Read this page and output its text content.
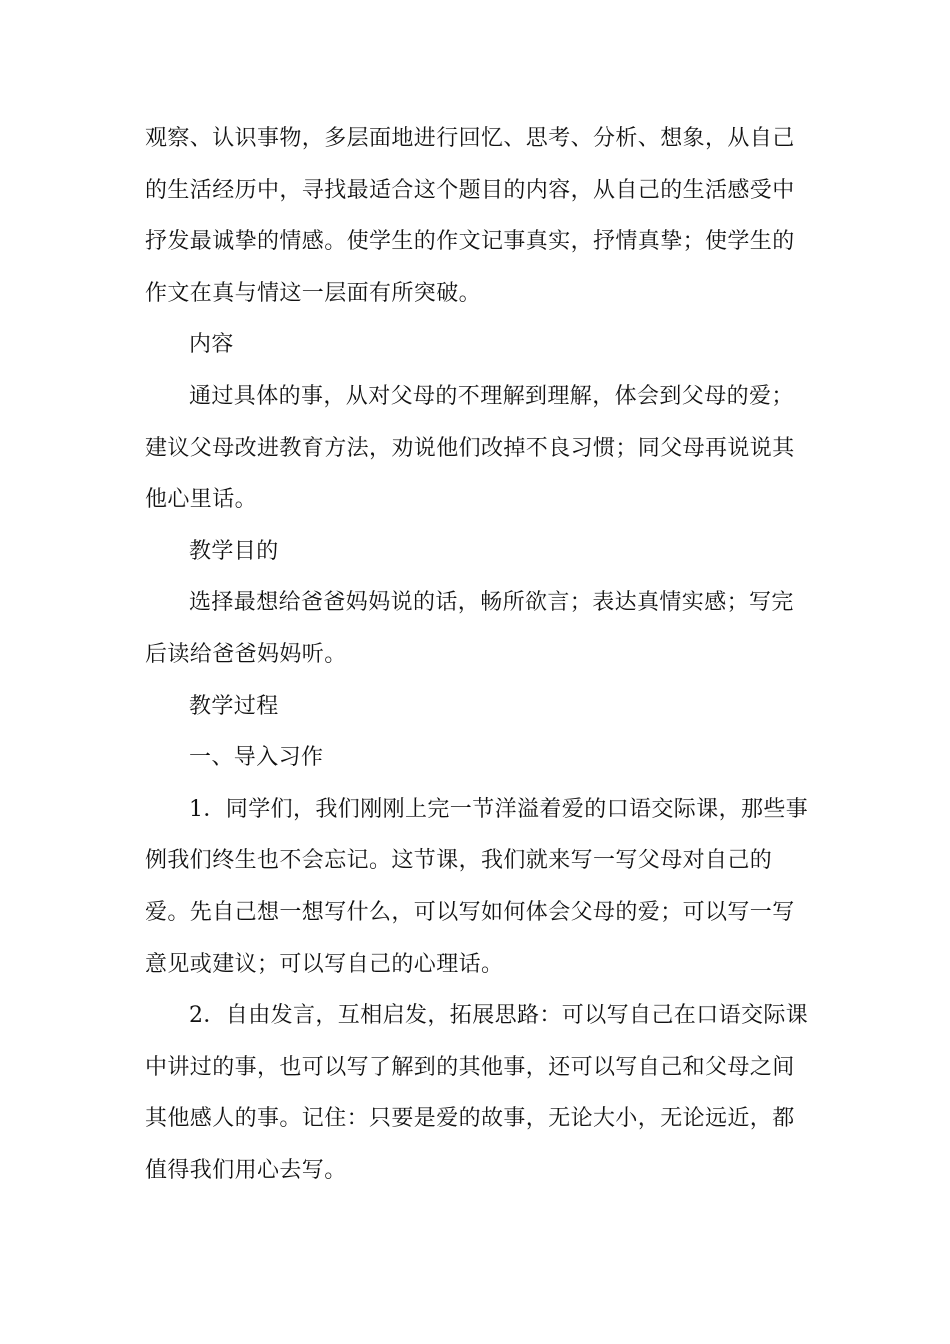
观察、认识事物，多层面地进行回忆、思考、分析、想象，从自己
的生活经历中，寻找最适合这个题目的内容，从自己的生活感受中
抒发最诚挚的情感。使学生的作文记事真实，抒情真挚；使学生的
作文在真与情这一层面有所突破。
内容
通过具体的事，从对父母的不理解到理解，体会到父母的爱；
建议父母改进教育方法，劝说他们改掉不良习惯；同父母再说说其
他心里话。
教学目的
选择最想给爸爸妈妈说的话，畅所欲言；表达真情实感；写完
后读给爸爸妈妈听。
教学过程
一、导入习作
1．同学们，我们刚刚上完一节洋溢着爱的口语交际课，那些事
例我们终生也不会忘记。这节课，我们就来写一写父母对自己的
爱。先自己想一想写什么，可以写如何体会父母的爱；可以写一写
意见或建议；可以写自己的心理话。
2．自由发言，互相启发，拓展思路：可以写自己在口语交际课
中讲过的事，也可以写了解到的其他事，还可以写自己和父母之间
其他感人的事。记住：只要是爱的故事，无论大小，无论远近，都
值得我们用心去写。
